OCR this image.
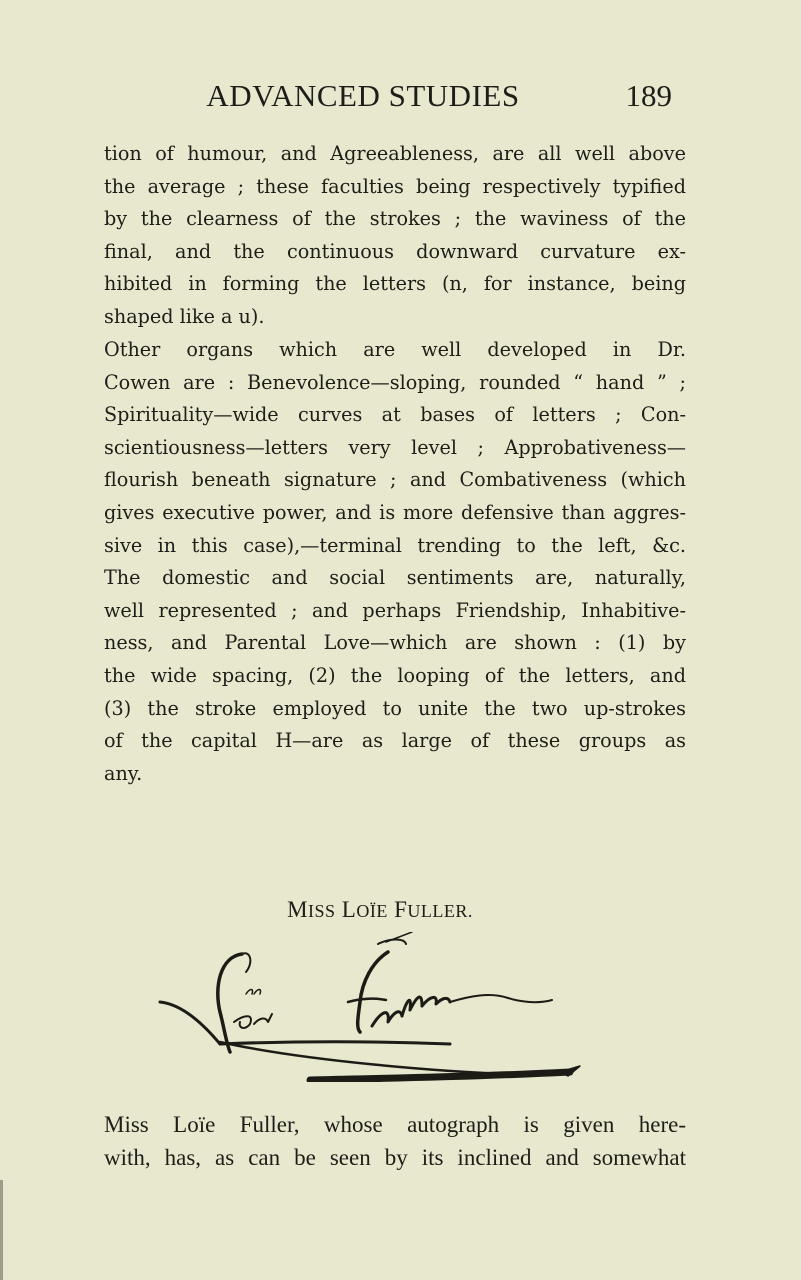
ADVANCED STUDIES	189
tion of humour, and Agreeableness, are all well above
the average ; these faculties being respectively typified
by the clearness of the strokes ; the waviness of the
final, and the continuous downward curvature ex-
hibited in forming the letters (n, for instance, being
shaped like a u).
Other organs which are well developed in Dr.
Cowen are : Benevolence—sloping, rounded “ hand ” ;
Spirituality—wide curves at bases of letters ; Con-
scientiousness—letters very level ; Approbativeness—
flourish beneath signature ; and Combativeness (which
gives executive power, and is more defensive than aggres-
sive in this case),—terminal trending to the left, &c.
The domestic and social sentiments are, naturally,
well represented ; and perhaps Friendship, Inhabitive-
ness, and Parental Love—which are shown : (1) by
the wide spacing, (2) the looping of the letters, and
(3) the stroke employed to unite the two up-strokes
of the capital H—are as large of these groups as
any.
MISS LOÏE FULLER.
Miss Loïe Fuller, whose autograph is given here-
with, has, as can be seen by its inclined and somewhat
